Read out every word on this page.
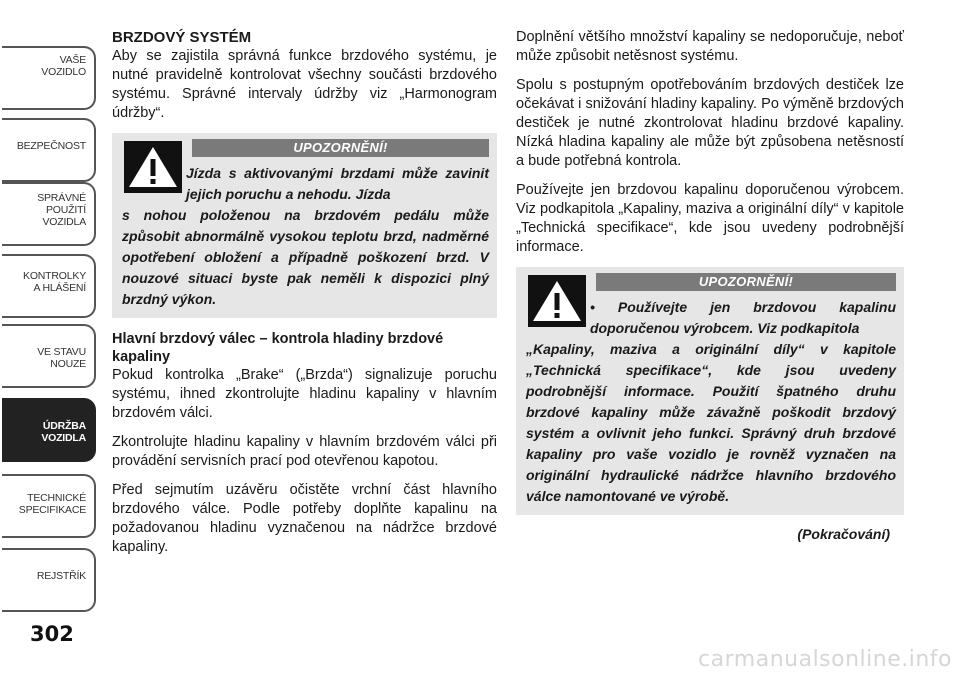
VAŠE
VOZIDLO
BEZPEČNOST
SPRÁVNÉ
POUŽITÍ
VOZIDLA
KONTROLKY
A HLÁŠENÍ
VE STAVU
NOUZE
ÚDRŽBA
VOZIDLA
TECHNICKÉ
SPECIFIKACE
REJSTŘÍK
302
BRZDOVÝ SYSTÉM

Aby se zajistila správná funkce brzdového systému, je nutné pravidelně kontrolovat všechny součásti brzdového systému. Správné intervaly údržby viz „Harmonogram údržby“.

UPOZORNĚNÍ!
Jízda s aktivovanými brzdami může zavinit jejich poruchu a nehodu. Jízda
s nohou položenou na brzdovém pedálu může způsobit abnormálně vysokou teplotu brzd, nadměrné opotřebení obložení a případně poškození brzd. V nouzové situaci byste pak neměli k dispozici plný brzdný výkon.
Hlavní brzdový válec – kontrola hladiny brzdové kapaliny

Pokud kontrolka „Brake“ („Brzda“) signalizuje poruchu systému, ihned zkontrolujte hladinu kapaliny v hlavním brzdovém válci.

Zkontrolujte hladinu kapaliny v hlavním brzdovém válci při provádění servisních prací pod otevřenou kapotou.

Před sejmutím uzávěru očistěte vrchní část hlavního brzdového válce. Podle potřeby doplňte kapalinu na požadovanou hladinu vyznačenou na nádržce brzdové kapaliny.

Doplnění většího množství kapaliny se nedoporučuje, neboť může způsobit netěsnost systému.

Spolu s postupným opotřebováním brzdových destiček lze očekávat i snižování hladiny kapaliny. Po výměně brzdových destiček je nutné zkontrolovat hladinu brzdové kapaliny. Nízká hladina kapaliny ale může být způsobena netěsností a bude potřebná kontrola.

Používejte jen brzdovou kapalinu doporučenou výrobcem. Viz podkapitola „Kapaliny, maziva a originální díly“ v kapitole „Technická specifikace“, kde jsou uvedeny podrobnější informace.

UPOZORNĚNÍ!
• Používejte jen brzdovou kapalinu doporučenou výrobcem. Viz podkapitola
„Kapaliny, maziva a originální díly“ v kapitole „Technická specifikace“, kde jsou uvedeny podrobnější informace. Použití špatného druhu brzdové kapaliny může závažně poškodit brzdový systém a ovlivnit jeho funkci. Správný druh brzdové kapaliny pro vaše vozidlo je rovněž vyznačen na originální hydraulické nádržce hlavního brzdového válce namontované ve výrobě.
(Pokračování)
carmanualsonline.info
